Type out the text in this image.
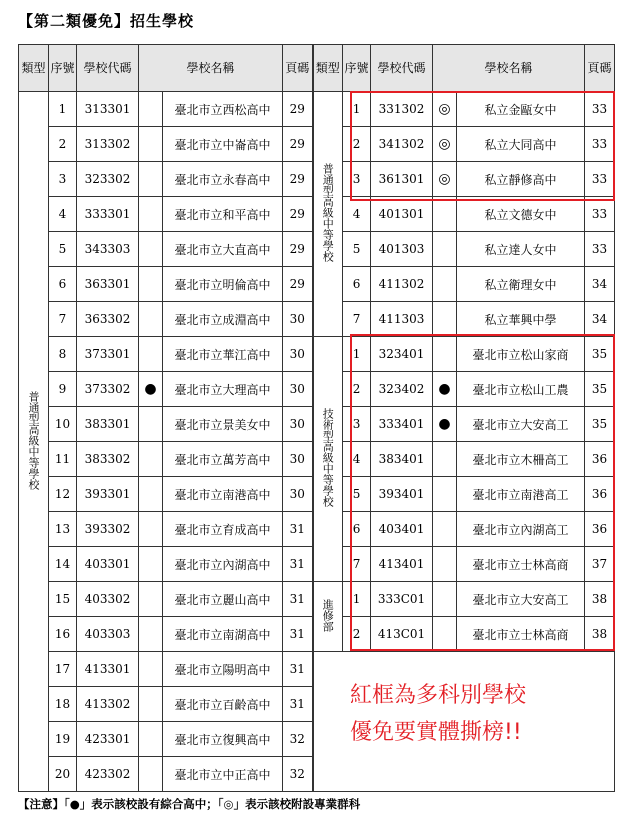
【第二類優免】招生學校
類型	序號	學校代碼	學校名稱		頁碼	類型	序號	學校代碼	學校名稱		頁碼
普通型高級中等學校	1	313301		臺北市立西松高中	29	普通型高級中等學校	1	331302	◎	私立金甌女中	33
	2	313302		臺北市立中崙高中	29		2	341302	◎	私立大同高中	33
	3	323302		臺北市立永春高中	29		3	361301	◎	私立靜修高中	33
	4	333301		臺北市立和平高中	29		4	401301		私立文德女中	33
	5	343303		臺北市立大直高中	29		5	401303		私立達人女中	33
	6	363301		臺北市立明倫高中	29		6	411302		私立衛理女中	34
	7	363302		臺北市立成淵高中	30		7	411303		私立華興中學	34
	8	373301		臺北市立華江高中	30	技術型高級中等學校	1	323401		臺北市立松山家商	35
	9	373302	●	臺北市立大理高中	30		2	323402	●	臺北市立松山工農	35
	10	383301		臺北市立景美女中	30		3	333401	●	臺北市立大安高工	35
	11	383302		臺北市立萬芳高中	30		4	383401		臺北市立木柵高工	36
	12	393301		臺北市立南港高中	30		5	393401		臺北市立南港高工	36
	13	393302		臺北市立育成高中	31		6	403401		臺北市立內湖高工	36
	14	403301		臺北市立內湖高中	31		7	413401		臺北市立士林高商	37
	15	403302		臺北市立麗山高中	31	進修部	1	333C01		臺北市立大安高工	38
	16	403303		臺北市立南湖高中	31		2	413C01		臺北市立士林高商	38
	17	413301		臺北市立陽明高中	31						
	18	413302		臺北市立百齡高中	31						
	19	423301		臺北市立復興高中	32						
	20	423302		臺北市立中正高中	32						
紅框為多科別學校
優免要實體撕榜!!
【注意】「●」表示該校設有綜合高中；「◎」表示該校附設專業群科
